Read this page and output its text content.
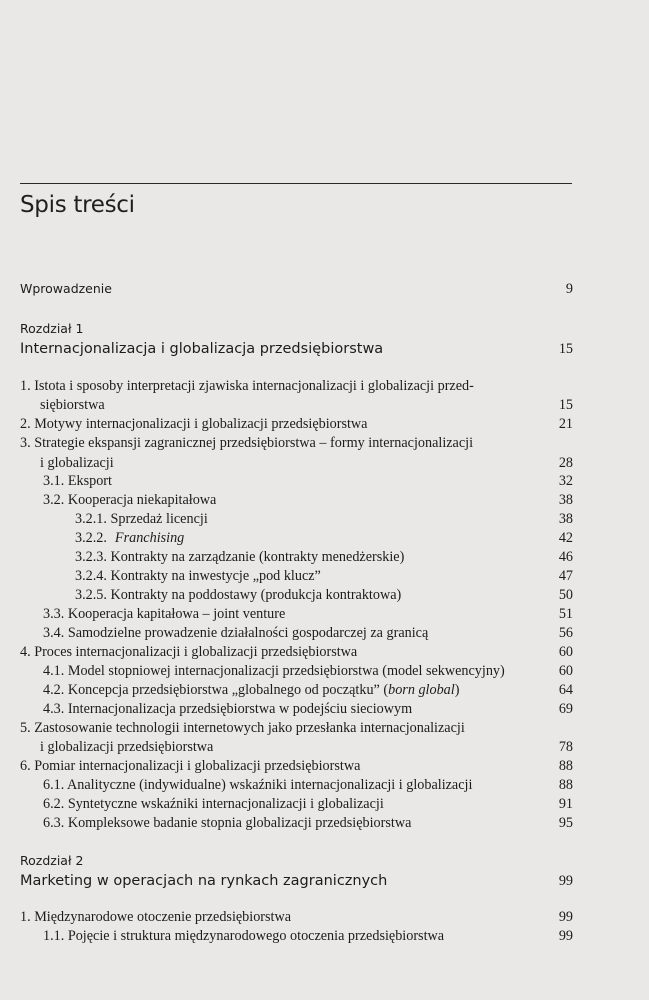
Spis treści
Wprowadzenie	9
Rozdział 1
Internacjonalizacja i globalizacja przedsiębiorstwa	15
1. Istota i sposoby interpretacji zjawiska internacjonalizacji i globalizacji przed-
siębiorstwa	15
2. Motywy internacjonalizacji i globalizacji przedsiębiorstwa	21
3. Strategie ekspansji zagranicznej przedsiębiorstwa – formy internacjonalizacji
i globalizacji	28
3.1. Eksport	32
3.2. Kooperacja niekapitałowa	38
3.2.1. Sprzedaż licencji	38
3.2.2. Franchising	42
3.2.3. Kontrakty na zarządzanie (kontrakty menedżerskie)	46
3.2.4. Kontrakty na inwestycje „pod klucz”	47
3.2.5. Kontrakty na poddostawy (produkcja kontraktowa)	50
3.3. Kooperacja kapitałowa – joint venture	51
3.4. Samodzielne prowadzenie działalności gospodarczej za granicą	56
4. Proces internacjonalizacji i globalizacji przedsiębiorstwa	60
4.1. Model stopniowej internacjonalizacji przedsiębiorstwa (model sekwencyjny)	60
4.2. Koncepcja przedsiębiorstwa „globalnego od początku” (born global)	64
4.3. Internacjonalizacja przedsiębiorstwa w podejściu sieciowym	69
5. Zastosowanie technologii internetowych jako przesłanka internacjonalizacji
i globalizacji przedsiębiorstwa	78
6. Pomiar internacjonalizacji i globalizacji przedsiębiorstwa	88
6.1. Analityczne (indywidualne) wskaźniki internacjonalizacji i globalizacji	88
6.2. Syntetyczne wskaźniki internacjonalizacji i globalizacji	91
6.3. Kompleksowe badanie stopnia globalizacji przedsiębiorstwa	95
Rozdział 2
Marketing w operacjach na rynkach zagranicznych	99
1. Międzynarodowe otoczenie przedsiębiorstwa	99
1.1. Pojęcie i struktura międzynarodowego otoczenia przedsiębiorstwa	99
